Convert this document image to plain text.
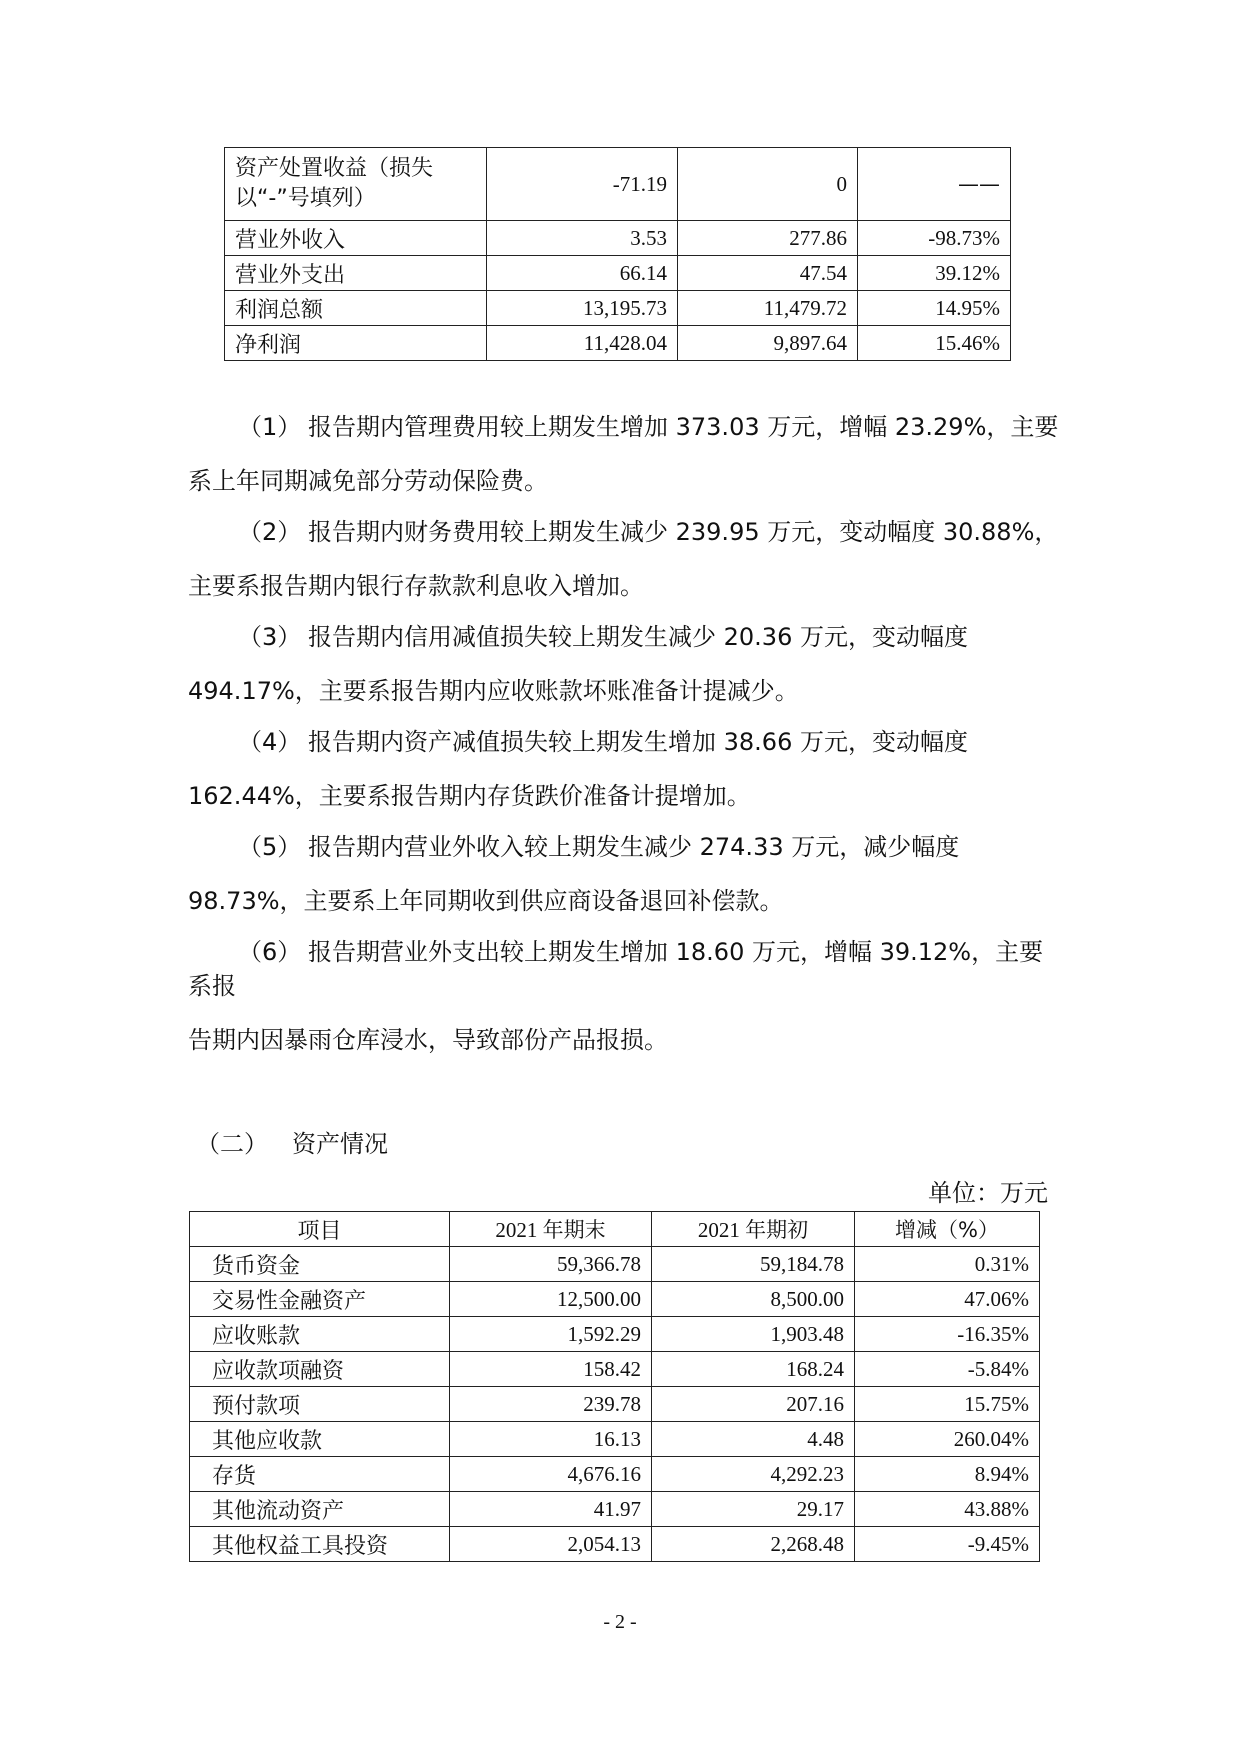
资产处置收益（损失以“-”号填列）	-71.19	0	——
营业外收入	3.53	277.86	-98.73%
营业外支出	66.14	47.54	39.12%
利润总额	13,195.73	11,479.72	14.95%
净利润	11,428.04	9,897.64	15.46%

（1） 报告期内管理费用较上期发生增加 373.03 万元，增幅 23.29%，主要
系上年同期减免部分劳动保险费。

（2） 报告期内财务费用较上期发生减少 239.95 万元，变动幅度 30.88%，
主要系报告期内银行存款款利息收入增加。

（3） 报告期内信用减值损失较上期发生减少 20.36 万元，变动幅度
494.17%，主要系报告期内应收账款坏账准备计提减少。

（4） 报告期内资产减值损失较上期发生增加 38.66 万元，变动幅度
162.44%，主要系报告期内存货跌价准备计提增加。

（5） 报告期内营业外收入较上期发生减少 274.33 万元，减少幅度
98.73%，主要系上年同期收到供应商设备退回补偿款。

（6） 报告期营业外支出较上期发生增加 18.60 万元，增幅 39.12%，主要
系报
告期内因暴雨仓库浸水，导致部份产品报损。

（二） 资产情况

单位：万元

项目	2021 年期末	2021 年期初	增减（%）
货币资金	59,366.78	59,184.78	0.31%
交易性金融资产	12,500.00	8,500.00	47.06%
应收账款	1,592.29	1,903.48	-16.35%
应收款项融资	158.42	168.24	-5.84%
预付款项	239.78	207.16	15.75%
其他应收款	16.13	4.48	260.04%
存货	4,676.16	4,292.23	8.94%
其他流动资产	41.97	29.17	43.88%
其他权益工具投资	2,054.13	2,268.48	-9.45%
- 2 -
